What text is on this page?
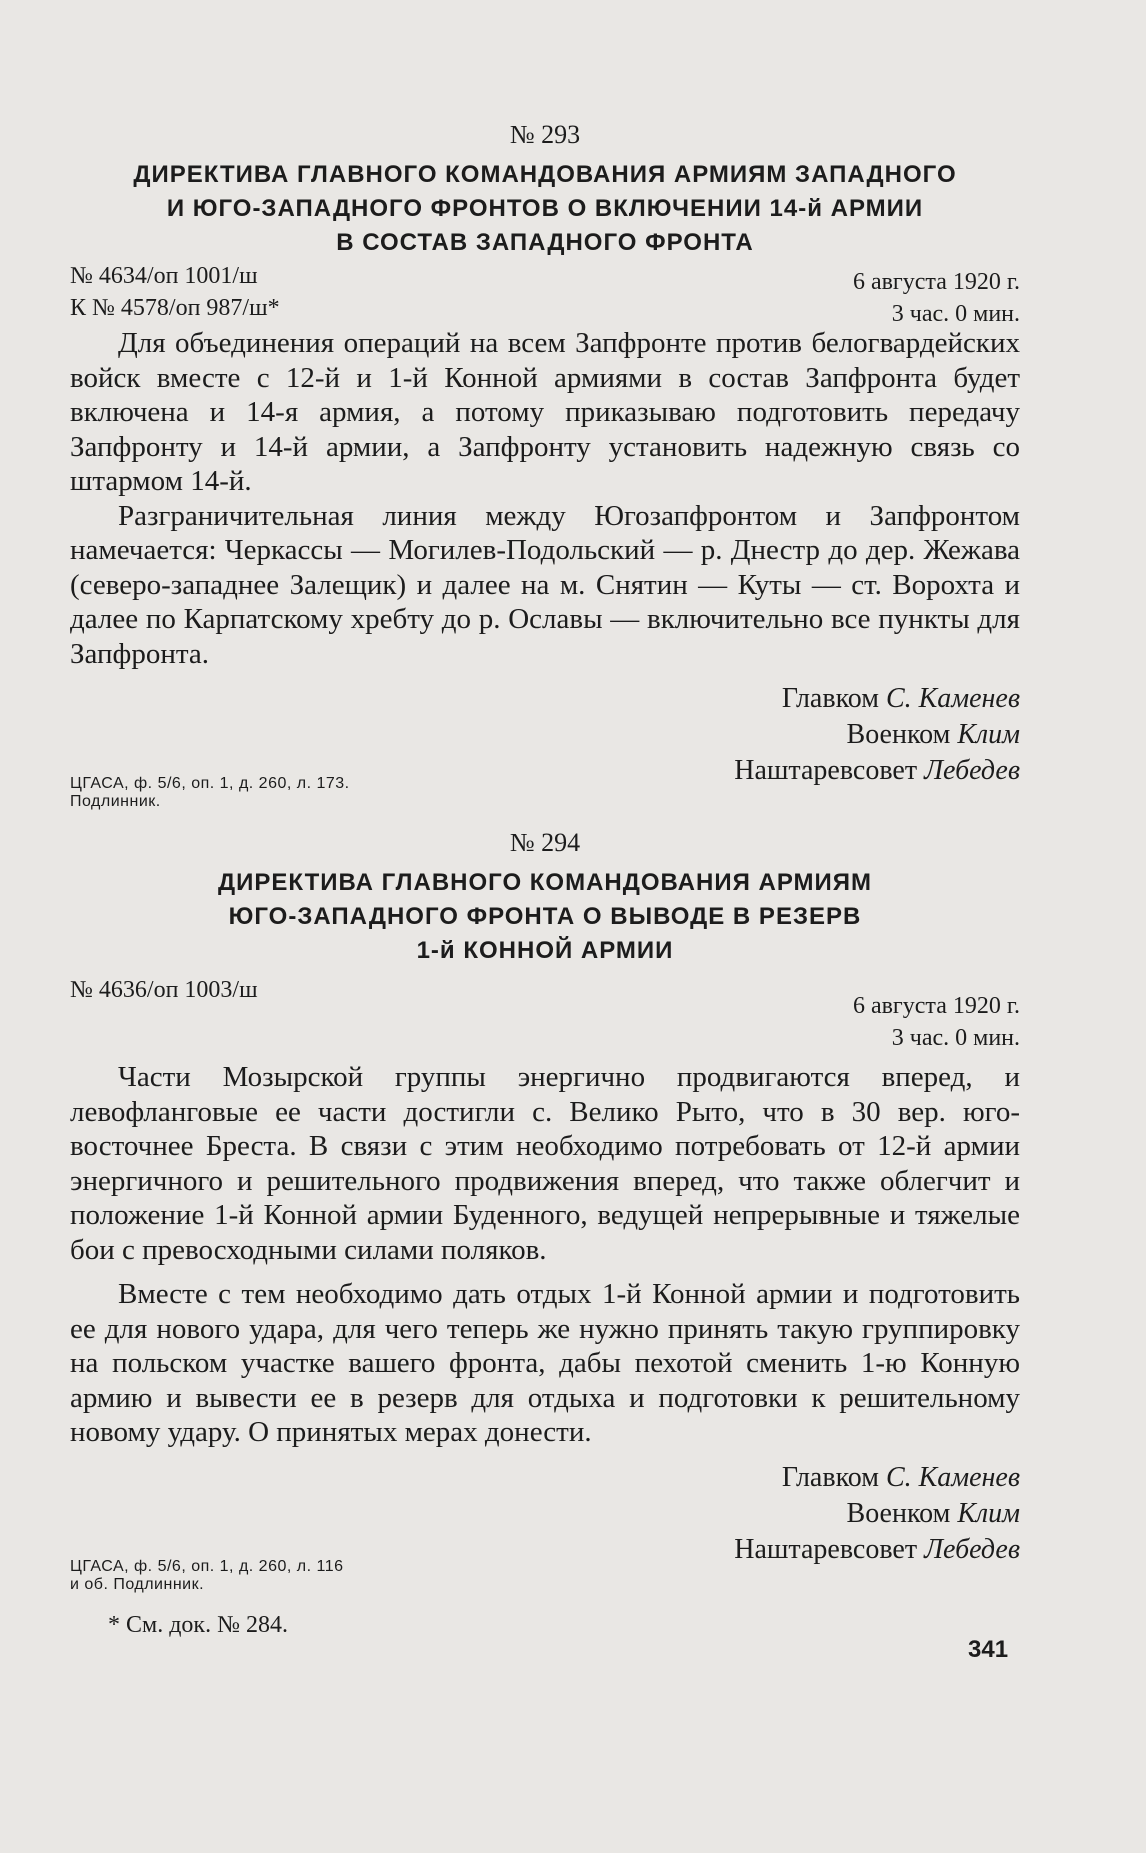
№ 293

ДИРЕКТИВА ГЛАВНОГО КОМАНДОВАНИЯ АРМИЯМ ЗАПАДНОГО

И ЮГО-ЗАПАДНОГО ФРОНТОВ О ВКЛЮЧЕНИИ 14-й АРМИИ

В СОСТАВ ЗАПАДНОГО ФРОНТА

№ 4634/оп 1001/ш
К № 4578/оп 987/ш*
6 августа 1920 г.
3 час. 0 мин.

Для объединения операций на всем Запфронте против белогвардейских войск вместе с 12-й и 1-й Конной армиями в состав Запфронта будет включена и 14-я армия, а потому приказываю подготовить передачу Запфронту и 14-й армии, а Запфронту установить надежную связь со штармом 14-й.

Разграничительная линия между Югозапфронтом и Запфронтом намечается: Черкассы — Могилев-Подольский — р. Днестр до дер. Жежава (северо-западнее Залещик) и далее на м. Снятин — Куты — ст. Ворохта и далее по Карпатскому хребту до р. Ославы — включительно все пункты для Запфронта.

Главком С. Каменев
Военком Клим
Наштаревсовет Лебедев
ЦГАСА, ф. 5/6, оп. 1, д. 260, л. 173.
Подлинник.

№ 294

ДИРЕКТИВА ГЛАВНОГО КОМАНДОВАНИЯ АРМИЯМ

ЮГО-ЗАПАДНОГО ФРОНТА О ВЫВОДЕ В РЕЗЕРВ

1-й КОННОЙ АРМИИ

№ 4636/оп 1003/ш
6 августа 1920 г.
3 час. 0 мин.

Части Мозырской группы энергично продвигаются вперед, и левофланговые ее части достигли с. Велико Рыто, что в 30 вер. юго-восточнее Бреста. В связи с этим необходимо потребовать от 12-й армии энергичного и решительного продвижения вперед, что также облегчит и положение 1-й Конной армии Буденного, ведущей непрерывные и тяжелые бои с превосходными силами поляков.

Вместе с тем необходимо дать отдых 1-й Конной армии и подготовить ее для нового удара, для чего теперь же нужно принять такую группировку на польском участке вашего фронта, дабы пехотой сменить 1-ю Конную армию и вывести ее в резерв для отдыха и подготовки к решительному новому удару. О принятых мерах донести.

Главком С. Каменев
Военком Клим
Наштаревсовет Лебедев
ЦГАСА, ф. 5/6, оп. 1, д. 260, л. 116
и об. Подлинник.
* См. док. № 284.
341
